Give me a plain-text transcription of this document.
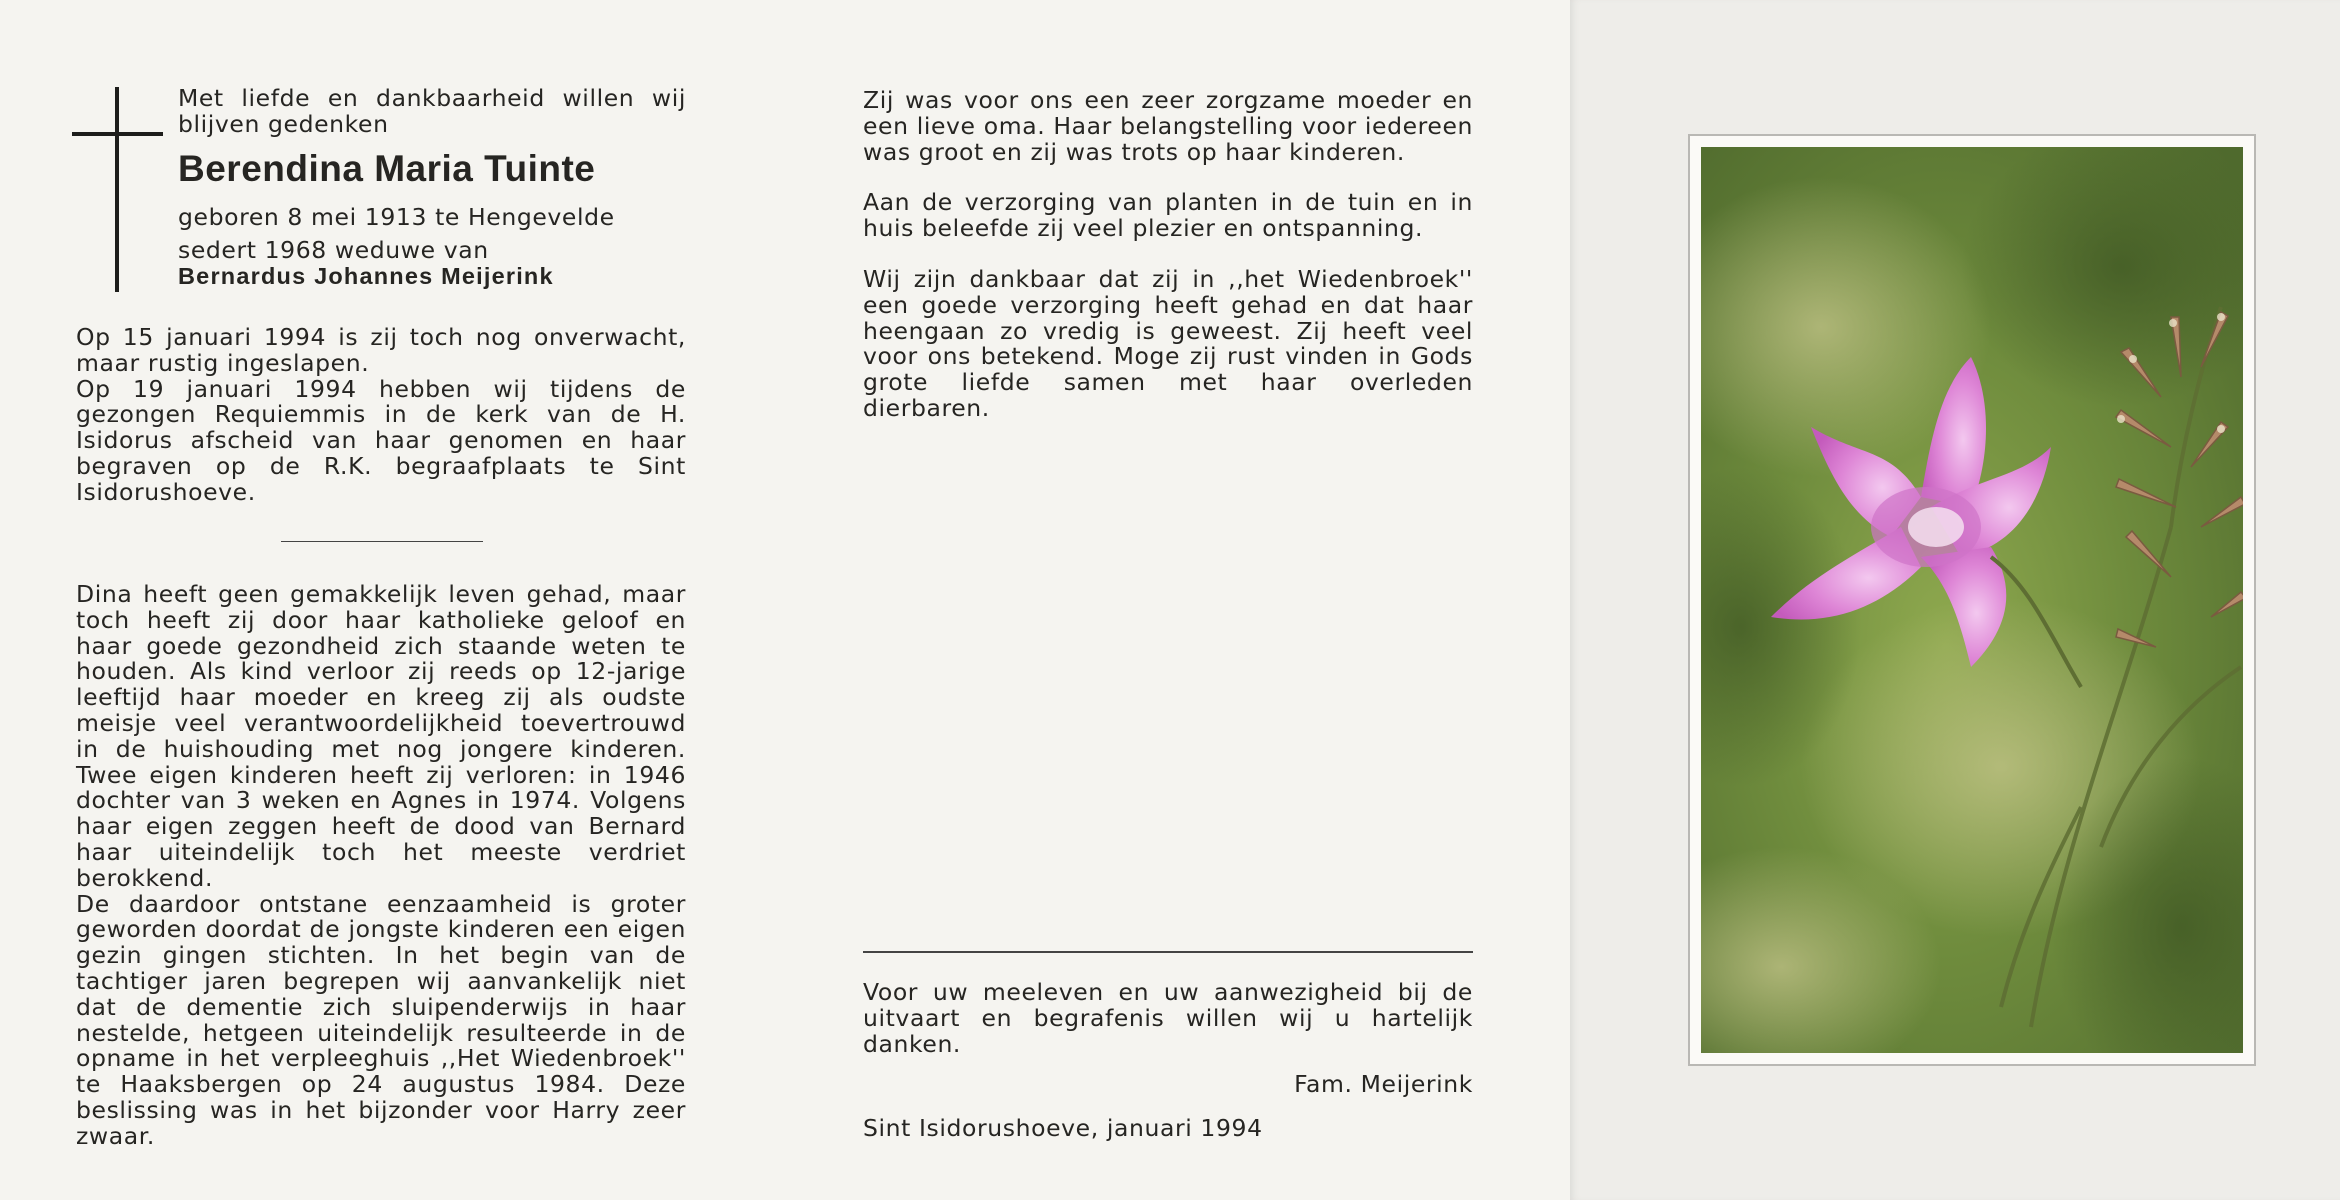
Met liefde en dankbaarheid willen wij blijven gedenken
Berendina Maria Tuinte
geboren 8 mei 1913 te Hengevelde
sedert 1968 weduwe van
Bernardus Johannes Meijerink

Op 15 januari 1994 is zij toch nog onverwacht, maar rustig ingeslapen.

Op 19 januari 1994 hebben wij tijdens de gezongen Requiemmis in de kerk van de H. Isidorus afscheid van haar genomen en haar begraven op de R.K. begraafplaats te Sint Isidorushoeve.

Dina heeft geen gemakkelijk leven gehad, maar toch heeft zij door haar katholieke geloof en haar goede gezondheid zich staande weten te houden. Als kind verloor zij reeds op 12-jarige leeftijd haar moeder en kreeg zij als oudste meisje veel verantwoordelijkheid toevertrouwd in de huishouding met nog jongere kinderen. Twee eigen kinderen heeft zij verloren: in 1946 dochter van 3 weken en Agnes in 1974. Volgens haar eigen zeggen heeft de dood van Bernard haar uiteindelijk toch het meeste verdriet berokkend.

De daardoor ontstane eenzaamheid is groter geworden doordat de jongste kinderen een eigen gezin gingen stichten. In het begin van de tachtiger jaren begrepen wij aanvankelijk niet dat de dementie zich sluipenderwijs in haar nestelde, hetgeen uiteindelijk resulteerde in de opname in het verpleeghuis ,,Het Wiedenbroek'' te Haaksbergen op 24 augustus 1984. Deze beslissing was in het bijzonder voor Harry zeer zwaar.

Zij was voor ons een zeer zorgzame moeder en een lieve oma. Haar belangstelling voor iedereen was groot en zij was trots op haar kinderen.

Aan de verzorging van planten in de tuin en in huis beleefde zij veel plezier en ontspanning.

Wij zijn dankbaar dat zij in ,,het Wiedenbroek'' een goede verzorging heeft gehad en dat haar heengaan zo vredig is geweest. Zij heeft veel voor ons betekend. Moge zij rust vinden in Gods grote liefde samen met haar overleden dierbaren.

Voor uw meeleven en uw aanwezigheid bij de uitvaart en begrafenis willen wij u hartelijk danken.

Fam. Meijerink
Sint Isidorushoeve, januari 1994
